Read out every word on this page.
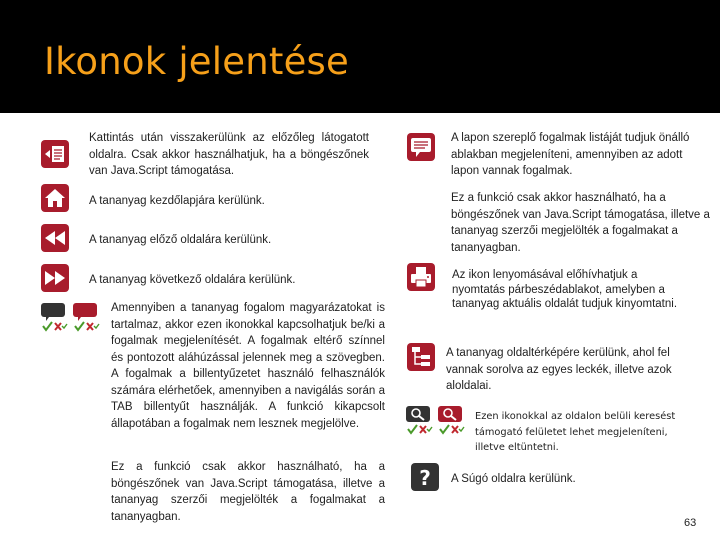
Ikonok jelentése

Kattintás után visszakerülünk az előzőleg látogatott oldalra. Csak akkor használhatjuk, ha a böngészőnek van Java.Script támogatása.

A tananyag kezdőlapjára kerülünk.

A tananyag előző oldalára kerülünk.

A tananyag következő oldalára kerülünk.

Amennyiben a tananyag fogalom magyarázatokat is tartalmaz, akkor ezen ikonokkal kapcsolhatjuk be/ki a fogalmak megjelenítését. A fogalmak eltérő színnel és pontozott aláhúzással jelennek meg a szövegben. A fogalmak a billentyűzetet használó felhasználók számára elérhetőek, amennyiben a navigálás során a TAB billentyűt használják. A funkció kikapcsolt állapotában a fogalmak nem lesznek megjelölve.

Ez a funkció csak akkor használható, ha a böngészőnek van Java.Script támogatása, illetve a tananyag szerzői megjelölték a fogalmakat a tananyagban.

A lapon szereplő fogalmak listáját tudjuk önálló ablakban megjeleníteni, amennyiben az adott lapon vannak fogalmak.

Ez a funkció csak akkor használható, ha a böngészőnek van Java.Script támogatása, illetve a tananyag szerzői megjelölték a fogalmakat a tananyagban.

Az ikon lenyomásával előhívhatjuk a nyomtatás párbeszédablakot, amelyben a tananyag aktuális oldalát tudjuk kinyomtatni.

A tananyag oldaltérképére kerülünk, ahol fel vannak sorolva az egyes leckék, illetve azok aloldalai.

Ezen ikonokkal az oldalon belüli keresést támogató felületet lehet megjeleníteni, illetve eltüntetni.

? A Súgó oldalra kerülünk.

63
